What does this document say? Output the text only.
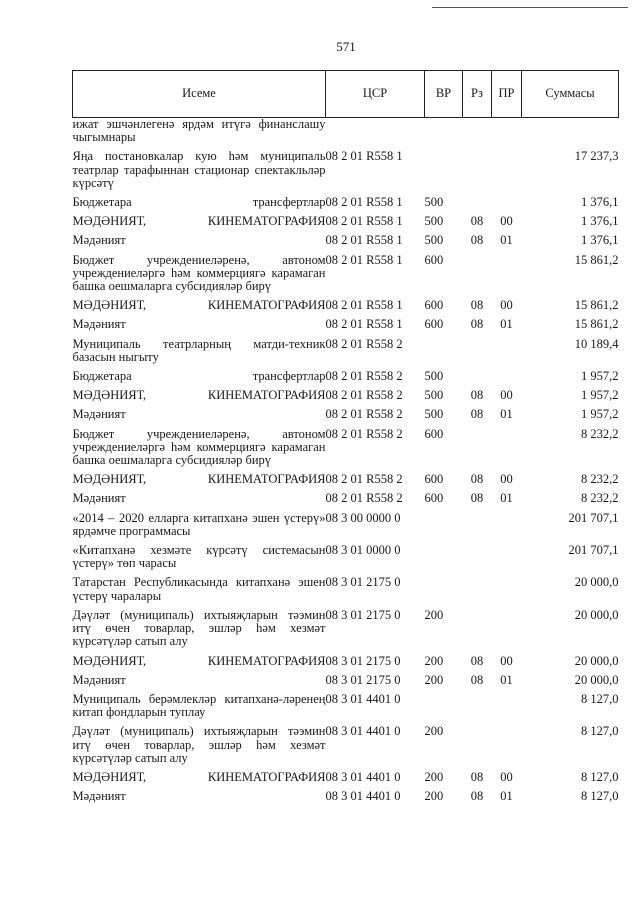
571
Исеме	ЦСР	ВР	Рз	ПР	Суммасы
ижат эшчәнлегенә ярдәм итүгә финанслашу чыгымнары					
Яңа постановкалар кую һәм муниципаль театрлар тарафыннан стационар спектакльләр күрсәтү	08 2 01 R558 1				17 237,3
Бюджетара трансфертлар	08 2 01 R558 1	500			1 376,1
МӘДӘНИЯТ, КИНЕМАТОГРАФИЯ	08 2 01 R558 1	500	08	00	1 376,1
Мәдәният	08 2 01 R558 1	500	08	01	1 376,1
Бюджет учреждениеләренә, автоном учреждениеләргә һәм коммерциягә карамаган башка оешмаларга субсидияләр бирү	08 2 01 R558 1	600			15 861,2
МӘДӘНИЯТ, КИНЕМАТОГРАФИЯ	08 2 01 R558 1	600	08	00	15 861,2
Мәдәният	08 2 01 R558 1	600	08	01	15 861,2
Муниципаль театрларның матди-техник базасын ныгыту	08 2 01 R558 2				10 189,4
Бюджетара трансфертлар	08 2 01 R558 2	500			1 957,2
МӘДӘНИЯТ, КИНЕМАТОГРАФИЯ	08 2 01 R558 2	500	08	00	1 957,2
Мәдәният	08 2 01 R558 2	500	08	01	1 957,2
Бюджет учреждениеләренә, автоном учреждениеләргә һәм коммерциягә карамаган башка оешмаларга субсидияләр бирү	08 2 01 R558 2	600			8 232,2
МӘДӘНИЯТ, КИНЕМАТОГРАФИЯ	08 2 01 R558 2	600	08	00	8 232,2
Мәдәният	08 2 01 R558 2	600	08	01	8 232,2
«2014 – 2020 елларга китапханә эшен үстерү» ярдәмче программасы	08 3 00 0000 0				201 707,1
«Китапханә хезмәте күрсәтү системасын үстерү» төп чарасы	08 3 01 0000 0				201 707,1
Татарстан Республикасында китапханә эшен үстерү чаралары	08 3 01 2175 0				20 000,0
Дәүләт (муниципаль) ихтыяҗларын тәэмин итү өчен товарлар, эшләр һәм хезмәт күрсәтүләр сатып алу	08 3 01 2175 0	200			20 000,0
МӘДӘНИЯТ, КИНЕМАТОГРАФИЯ	08 3 01 2175 0	200	08	00	20 000,0
Мәдәният	08 3 01 2175 0	200	08	01	20 000,0
Муниципаль берәмлекләр китапханә-ләренең китап фондларын туплау	08 3 01 4401 0				8 127,0
Дәүләт (муниципаль) ихтыяҗларын тәэмин итү өчен товарлар, эшләр һәм хезмәт күрсәтүләр сатып алу	08 3 01 4401 0	200			8 127,0
МӘДӘНИЯТ, КИНЕМАТОГРАФИЯ	08 3 01 4401 0	200	08	00	8 127,0
Мәдәният	08 3 01 4401 0	200	08	01	8 127,0
